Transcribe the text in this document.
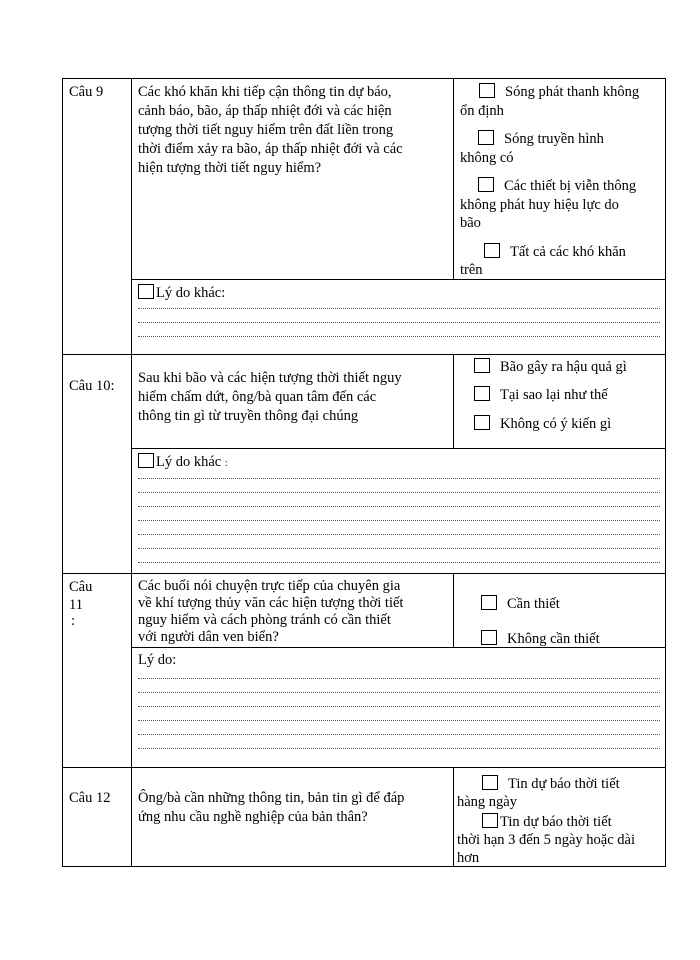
Câu 9 Các khó khăn khi tiếp cận thông tin dự báo,
cảnh báo, bão, áp thấp nhiệt đới và các hiện
tượng thời tiết nguy hiểm trên đất liền trong
thời điểm xảy ra bão, áp thấp nhiệt đới và các
hiện tượng thời tiết nguy hiểm?
Sóng phát thanh không
ổn định
Sóng truyền hình
không có
Các thiết bị viễn thông
không phát huy hiệu lực do
bão
Tất cả các khó khăn
trên
Lý do khác:
Câu 10: Sau khi bão và các hiện tượng thời thiết nguy
hiểm chấm dứt, ông/bà quan tâm đến các
thông tin gì từ truyền thông đại chúng
Bão gây ra hậu quả gì
Tại sao lại như thế
Không có ý kiến gì
Lý do khác :
Câu
11
:
Các buổi nói chuyện trực tiếp của chuyên gia
về khí tượng thủy văn các hiện tượng thời tiết
nguy hiểm và cách phòng tránh có cần thiết
với người dân ven biển?
Cần thiết
Không cần thiết
Lý do:
Câu 12 Ông/bà cần những thông tin, bản tin gì để đáp
ứng nhu cầu nghề nghiệp của bản thân?
Tin dự báo thời tiết
hàng ngày
Tin dự báo thời tiết
thời hạn 3 đến 5 ngày hoặc dài
hơn
